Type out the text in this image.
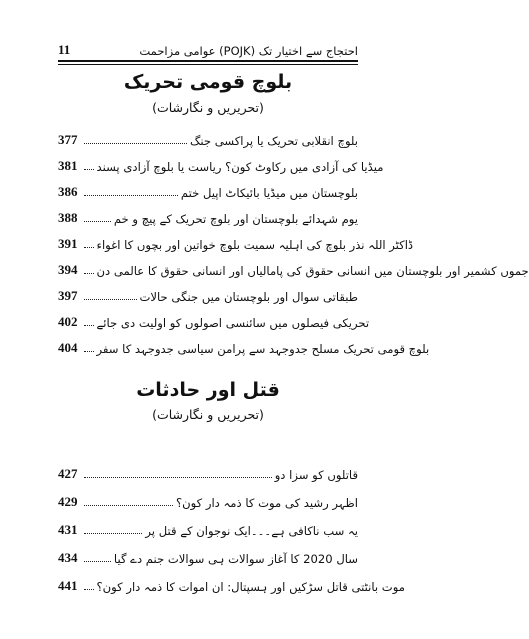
11	احتجاج سے اختیار تک (POJK) عوامی مزاحمت
بلوچ قومی تحریک
(تحریریں و نگارشات)
377	بلوچ انقلابی تحریک یا پراکسی جنگ
381 میڈیا کی آزادی میں رکاوٹ کون؟ ریاست یا بلوچ آزادی پسند
386	بلوچستان میں میڈیا بائیکاٹ اپیل ختم
388	یوم شہدائے بلوچستان اور بلوچ تحریک کے پیچ و خم
391 ڈاکٹر اللہ نذر بلوچ کی اہلیہ سمیت بلوچ خواتین اور بچوں کا اغواء
394 جموں کشمیر اور بلوچستان میں انسانی حقوق کی پامالیاں اور انسانی حقوق کا عالمی دن
397	طبقاتی سوال اور بلوچستان میں جنگی حالات
402 تحریکی فیصلوں میں سائنسی اصولوں کو اولیت دی جائے
404 بلوچ قومی تحریک مسلح جدوجہد سے پرامن سیاسی جدوجہد کا سفر
قتل اور حادثات
(تحریریں و نگارشات)
427	قاتلوں کو سزا دو
429	اظہر رشید کی موت کا ذمہ دار کون؟
431	یہ سب ناکافی ہے۔۔۔ایک نوجوان کے قتل پر
434	سال 2020 کا آغاز سوالات ہی سوالات جنم دے گیا
441 موت بانٹتی قاتل سڑکیں اور ہسپتال: ان اموات کا ذمہ دار کون؟
